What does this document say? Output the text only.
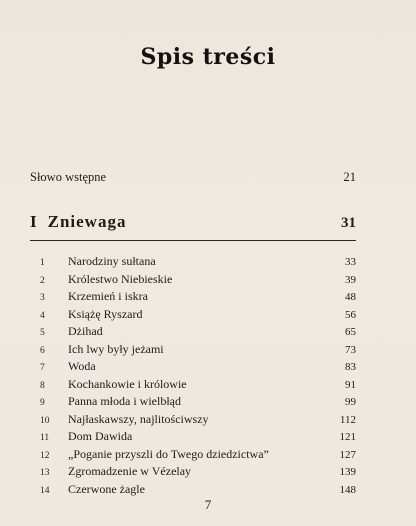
Spis treści
Słowo wstępne	21
I Zniewaga	31
1	Narodziny sułtana	33
2	Królestwo Niebieskie	39
3	Krzemień i iskra	48
4	Książę Ryszard	56
5	Dżihad	65
6	Ich lwy były jeżami	73
7	Woda	83
8	Kochankowie i królowie	91
9	Panna młoda i wielbłąd	99
10	Najłaskawszy, najlitościwszy	112
11	Dom Dawida	121
12	„Poganie przyszli do Twego dziedzictwa”	127
13	Zgromadzenie w Vézelay	139
14	Czerwone żagle	148
7
